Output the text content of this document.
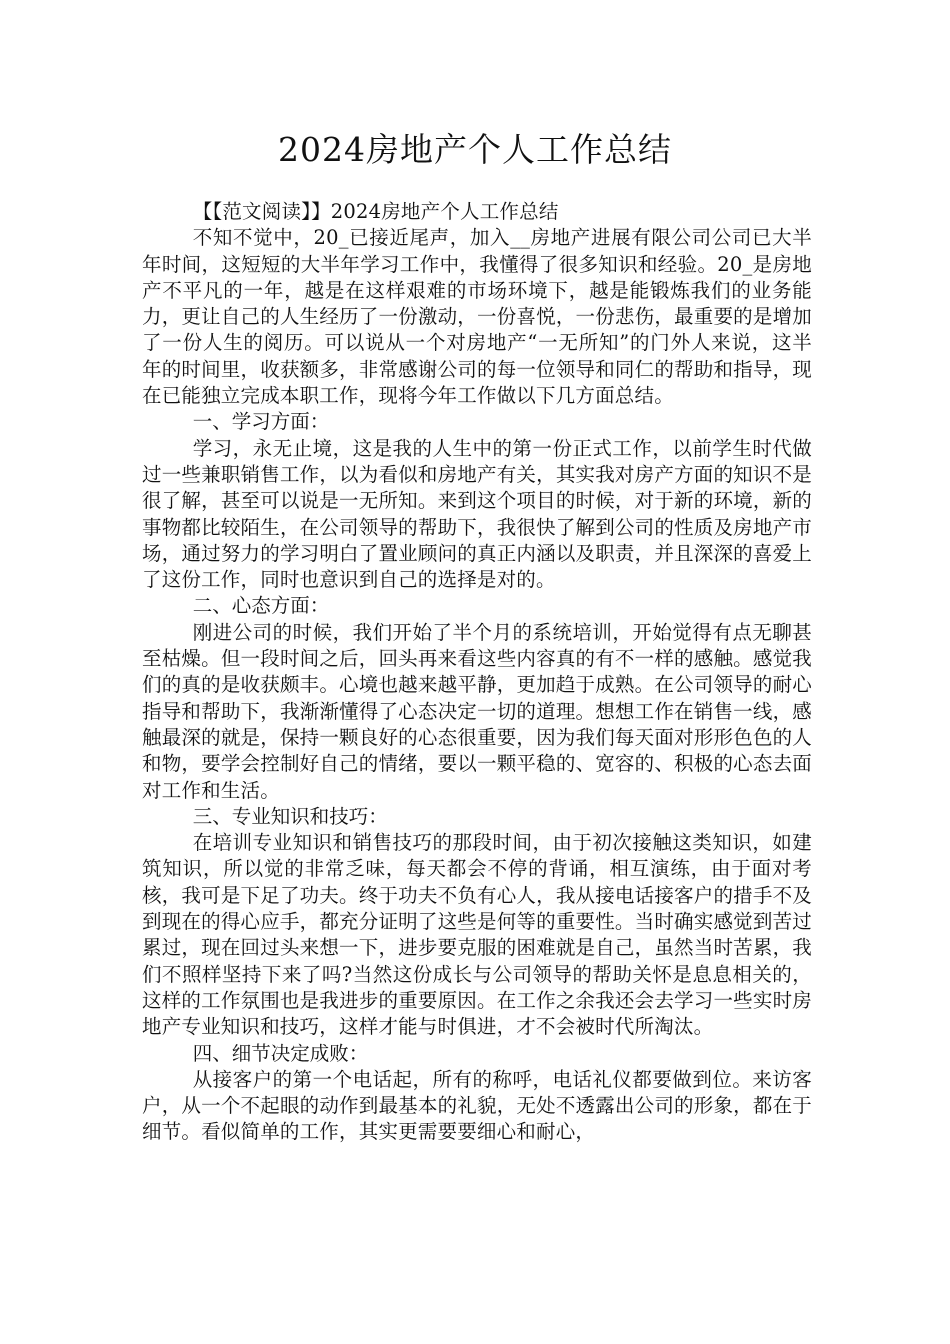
2024房地产个人工作总结

【【范文阅读】】2024房地产个人工作总结

不知不觉中，20_已接近尾声，加入__房地产进展有限公司公司已大半年时间，这短短的大半年学习工作中，我懂得了很多知识和经验。20_是房地产不平凡的一年，越是在这样艰难的市场环境下，越是能锻炼我们的业务能力，更让自己的人生经历了一份激动，一份喜悦，一份悲伤，最重要的是增加了一份人生的阅历。可以说从一个对房地产“一无所知”的门外人来说，这半年的时间里，收获额多，非常感谢公司的每一位领导和同仁的帮助和指导，现在已能独立完成本职工作，现将今年工作做以下几方面总结。

一、学习方面：

学习，永无止境，这是我的人生中的第一份正式工作，以前学生时代做过一些兼职销售工作，以为看似和房地产有关，其实我对房产方面的知识不是很了解，甚至可以说是一无所知。来到这个项目的时候，对于新的环境，新的事物都比较陌生，在公司领导的帮助下，我很快了解到公司的性质及房地产市场，通过努力的学习明白了置业顾问的真正内涵以及职责，并且深深的喜爱上了这份工作，同时也意识到自己的选择是对的。

二、心态方面：

刚进公司的时候，我们开始了半个月的系统培训，开始觉得有点无聊甚至枯燥。但一段时间之后，回头再来看这些内容真的有不一样的感触。感觉我们的真的是收获颇丰。心境也越来越平静，更加趋于成熟。在公司领导的耐心指导和帮助下，我渐渐懂得了心态决定一切的道理。想想工作在销售一线，感触最深的就是，保持一颗良好的心态很重要，因为我们每天面对形形色色的人和物，要学会控制好自己的情绪，要以一颗平稳的、宽容的、积极的心态去面对工作和生活。

三、专业知识和技巧：

在培训专业知识和销售技巧的那段时间，由于初次接触这类知识，如建筑知识，所以觉的非常乏味，每天都会不停的背诵，相互演练，由于面对考核，我可是下足了功夫。终于功夫不负有心人，我从接电话接客户的措手不及到现在的得心应手，都充分证明了这些是何等的重要性。当时确实感觉到苦过累过，现在回过头来想一下，进步要克服的困难就是自己，虽然当时苦累，我们不照样坚持下来了吗?当然这份成长与公司领导的帮助关怀是息息相关的，这样的工作氛围也是我进步的重要原因。在工作之余我还会去学习一些实时房地产专业知识和技巧，这样才能与时俱进，才不会被时代所淘汰。

四、细节决定成败：

从接客户的第一个电话起，所有的称呼，电话礼仪都要做到位。来访客户，从一个不起眼的动作到最基本的礼貌，无处不透露出公司的形象，都在于细节。看似简单的工作，其实更需要要细心和耐心，
